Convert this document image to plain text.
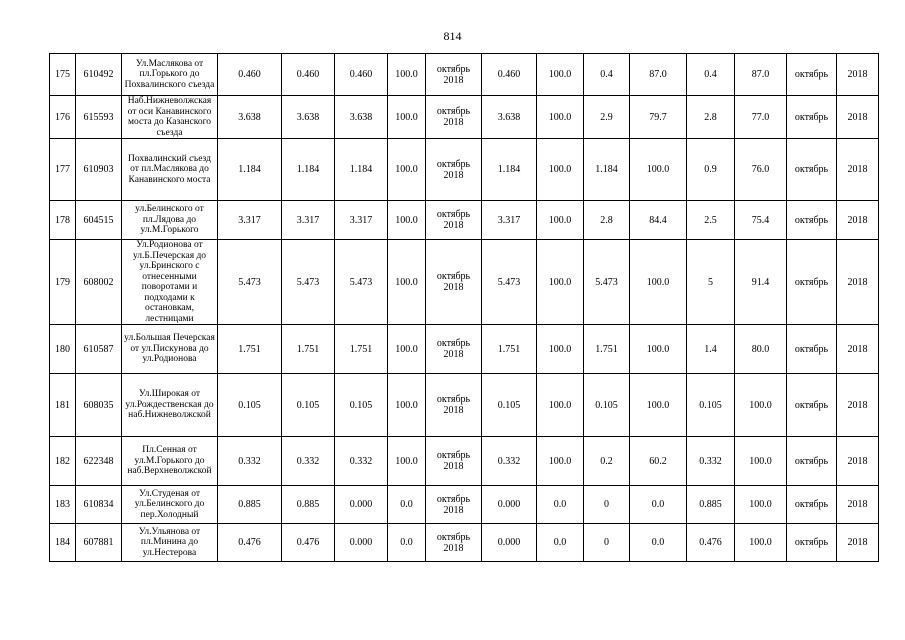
814
175	610492	Ул.Маслякова от пл.Горького до Похвалинского съезда	0.460	0.460	0.460	100.0	октябрь 2018	0.460	100.0	0.4	87.0	0.4	87.0	октябрь	2018
176	615593	Наб.Нижневолжская от оси Канавинского моста до Казанского съезда	3.638	3.638	3.638	100.0	октябрь 2018	3.638	100.0	2.9	79.7	2.8	77.0	октябрь	2018
177	610903	Похвалинский съезд от пл.Маслякова до Канавинского моста	1.184	1.184	1.184	100.0	октябрь 2018	1.184	100.0	1.184	100.0	0.9	76.0	октябрь	2018
178	604515	ул.Белинского от пл.Лядова до ул.М.Горького	3.317	3.317	3.317	100.0	октябрь 2018	3.317	100.0	2.8	84.4	2.5	75.4	октябрь	2018
179	608002	Ул.Родионова от ул.Б.Печерская до ул.Бринского с отнесенными поворотами и подходами к остановкам, лестницами	5.473	5.473	5.473	100.0	октябрь 2018	5.473	100.0	5.473	100.0	5	91.4	октябрь	2018
180	610587	ул.Большая Печерская от ул.Пискунова до ул.Родионова	1.751	1.751	1.751	100.0	октябрь 2018	1.751	100.0	1.751	100.0	1.4	80.0	октябрь	2018
181	608035	Ул.Широкая от ул.Рождественская до наб.Нижневолжской	0.105	0.105	0.105	100.0	октябрь 2018	0.105	100.0	0.105	100.0	0.105	100.0	октябрь	2018
182	622348	Пл.Сенная от ул.М.Горького до наб.Верхневолжской	0.332	0.332	0.332	100.0	октябрь 2018	0.332	100.0	0.2	60.2	0.332	100.0	октябрь	2018
183	610834	Ул.Студеная от ул.Белинского до пер.Холодный	0.885	0.885	0.000	0.0	октябрь 2018	0.000	0.0	0	0.0	0.885	100.0	октябрь	2018
184	607881	Ул.Ульянова от пл.Минина до ул.Нестерова	0.476	0.476	0.000	0.0	октябрь 2018	0.000	0.0	0	0.0	0.476	100.0	октябрь	2018
